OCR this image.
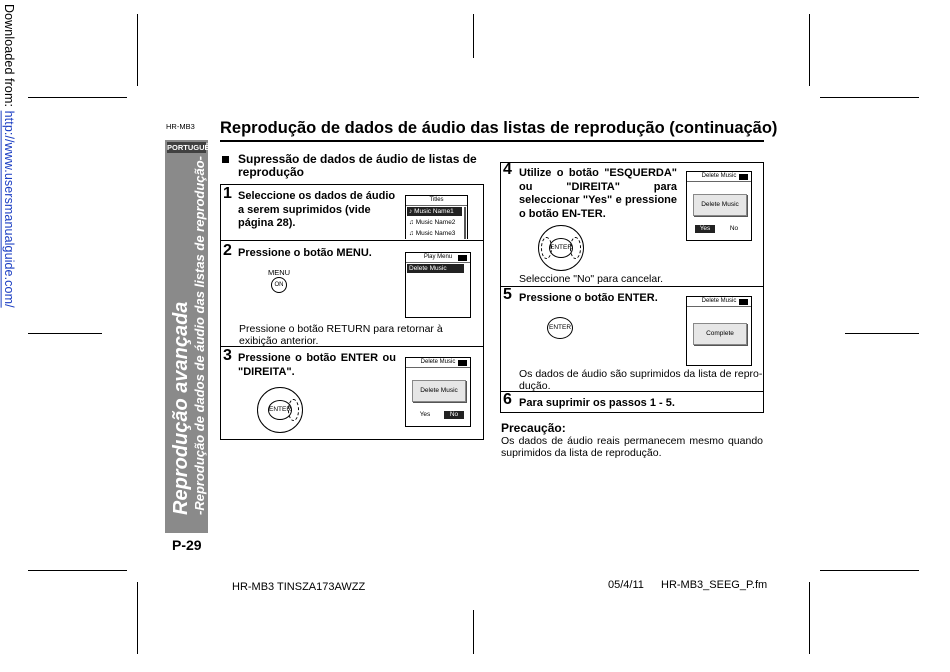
Downloaded from: http://www.usersmanualguide.com/	HR-MB3
PORTUGUÊS
Reprodução avançada -Reprodução de dados de áudio das listas de reprodução-
Reprodução de dados de áudio das listas de reprodução (continuação)
Supressão de dados de áudio de listas de reprodução
1 Seleccione os dados de áudio a serem suprimidos (vide página 28).
Titles
♪ Music Name1
♫ Music Name2
♫ Music Name3
2 Pressione o botão MENU.
MENU
ON
Play Menu
Delete Music
Pressione o botão RETURN para retornar à exibição anterior.
3 Pressione o botão ENTER ou "DIREITA".
ENTER
Delete Music
Delete Music
Yes	No
4 Utilize o botão "ESQUERDA" ou "DIREITA" para seleccionar "Yes" e pressione o botão EN-TER.
ENTER
Delete Music
Delete Music
Yes	No
Seleccione "No" para cancelar.
5 Pressione o botão ENTER.
ENTER
Delete Music
Complete
Os dados de áudio são suprimidos da lista de repro-dução.
6 Para suprimir os passos 1 - 5.
Precaução:
Os dados de áudio reais permanecem mesmo quando suprimidos da lista de reprodução.
P-29
HR-MB3 TINSZA173AWZZ	05/4/11 HR-MB3_SEEG_P.fm
